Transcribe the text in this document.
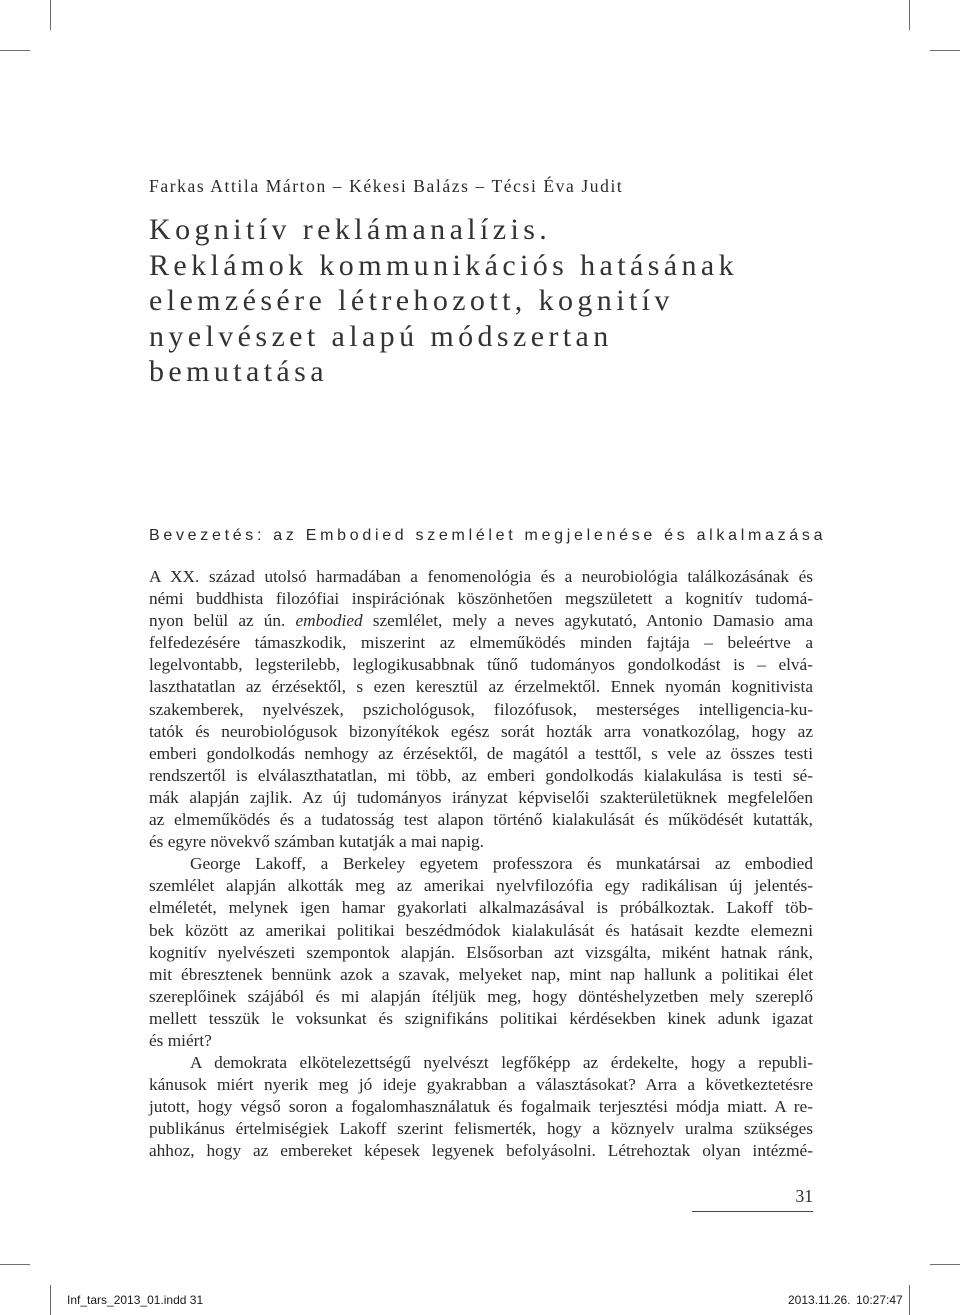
Farkas Attila Márton – Kékesi Balázs – Técsi Éva Judit
Kognitív reklámanalízis.
Reklámok kommunikációs hatásának
elemzésére létrehozott, kognitív
nyelvészet alapú módszertan
bemutatása
Bevezetés: az Embodied szemlélet megjelenése és alkalmazása
A XX. század utolsó harmadában a fenomenológia és a neurobiológia találkozásának és
némi buddhista filozófiai inspirációnak köszönhetően megszületett a kognitív tudomá-
nyon belül az ún. embodied szemlélet, mely a neves agykutató, Antonio Damasio ama
felfedezésére támaszkodik, miszerint az elmeműködés minden fajtája – beleértve a
legelvontabb, legsterilebb, leglogikusabbnak tűnő tudományos gondolkodást is – elvá-
laszthatatlan az érzésektől, s ezen keresztül az érzelmektől. Ennek nyomán kognitivista
szakemberek, nyelvészek, pszichológusok, filozófusok, mesterséges intelligencia-ku-
tatók és neurobiológusok bizonyítékok egész sorát hozták arra vonatkozólag, hogy az
emberi gondolkodás nemhogy az érzésektől, de magától a testtől, s vele az összes testi
rendszertől is elválaszthatatlan, mi több, az emberi gondolkodás kialakulása is testi sé-
mák alapján zajlik. Az új tudományos irányzat képviselői szakterületüknek megfelelően
az elmeműködés és a tudatosság test alapon történő kialakulását és működését kutatták,
és egyre növekvő számban kutatják a mai napig.
George Lakoff, a Berkeley egyetem professzora és munkatársai az embodied
szemlélet alapján alkották meg az amerikai nyelvfilozófia egy radikálisan új jelentés-
elméletét, melynek igen hamar gyakorlati alkalmazásával is próbálkoztak. Lakoff töb-
bek között az amerikai politikai beszédmódok kialakulását és hatásait kezdte elemezni
kognitív nyelvészeti szempontok alapján. Elsősorban azt vizsgálta, miként hatnak ránk,
mit ébresztenek bennünk azok a szavak, melyeket nap, mint nap hallunk a politikai élet
szereplőinek szájából és mi alapján ítéljük meg, hogy döntéshelyzetben mely szereplő
mellett tesszük le voksunkat és szignifikáns politikai kérdésekben kinek adunk igazat
és miért?
A demokrata elkötelezettségű nyelvészt legfőképp az érdekelte, hogy a republi-
kánusok miért nyerik meg jó ideje gyakrabban a választásokat? Arra a következtetésre
jutott, hogy végső soron a fogalomhasználatuk és fogalmaik terjesztési módja miatt. A re-
publikánus értelmiségiek Lakoff szerint felismerték, hogy a köznyelv uralma szükséges
ahhoz, hogy az embereket képesek legyenek befolyásolni. Létrehoztak olyan intézmé-
31
Inf_tars_2013_01.indd 31	2013.11.26. 10:27:47
